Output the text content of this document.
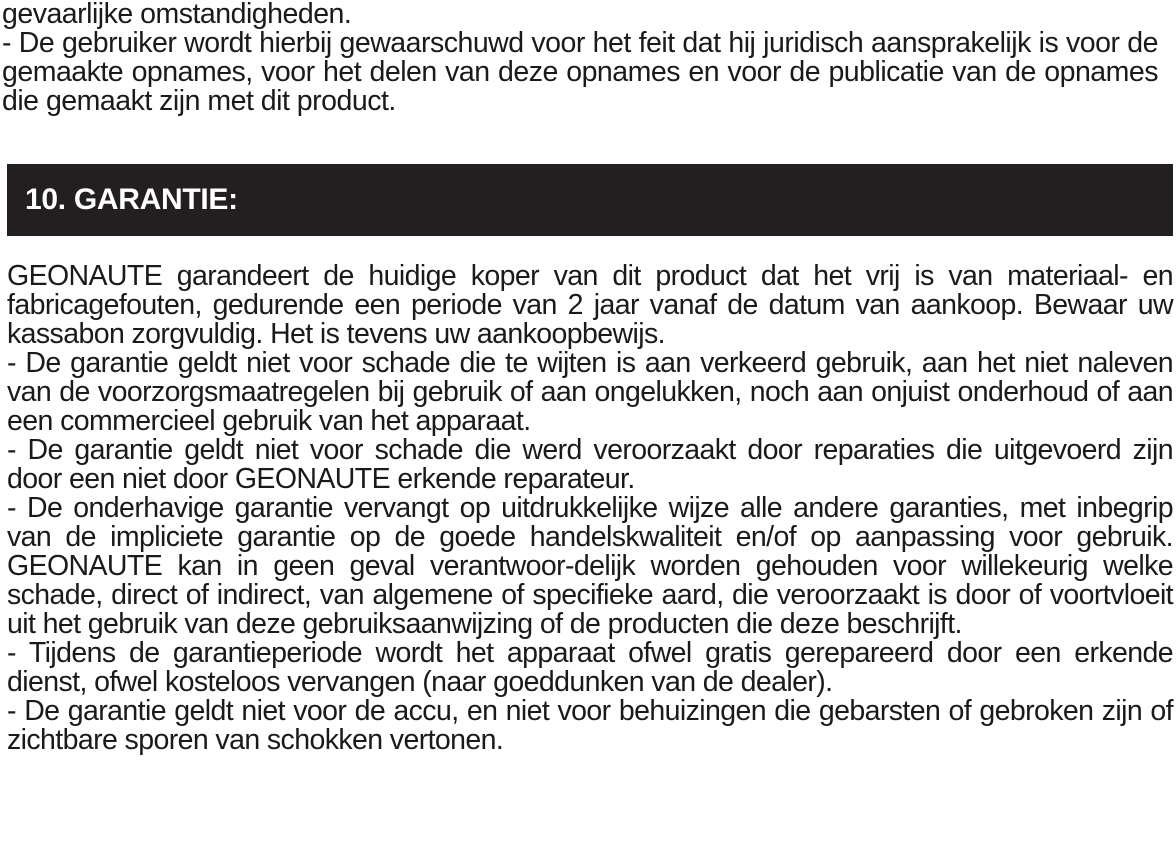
gevaarlijke omstandigheden.

- De gebruiker wordt hierbij gewaarschuwd voor het feit dat hij juridisch aansprakelijk is voor de gemaakte opnames, voor het delen van deze opnames en voor de publicatie van de opnames die gemaakt zijn met dit product.

10. GARANTIE:

GEONAUTE garandeert de huidige koper van dit product dat het vrij is van materiaal- en fabricagefouten, gedurende een periode van 2 jaar vanaf de datum van aankoop. Bewaar uw kassabon zorgvuldig. Het is tevens uw aankoopbewijs.

- De garantie geldt niet voor schade die te wijten is aan verkeerd gebruik, aan het niet naleven van de voorzorgsmaatregelen bij gebruik of aan ongelukken, noch aan onjuist onderhoud of aan een commercieel gebruik van het apparaat.

- De garantie geldt niet voor schade die werd veroorzaakt door reparaties die uitgevoerd zijn door een niet door GEONAUTE erkende reparateur.

- De onderhavige garantie vervangt op uitdrukkelijke wijze alle andere garanties, met inbegrip van de impliciete garantie op de goede handelskwaliteit en/of op aanpassing voor gebruik. GEONAUTE kan in geen geval verantwoor-delijk worden gehouden voor willekeurig welke schade, direct of indirect, van algemene of specifieke aard, die veroorzaakt is door of voortvloeit uit het gebruik van deze gebruiksaanwijzing of de producten die deze beschrijft.

- Tijdens de garantieperiode wordt het apparaat ofwel gratis gerepareerd door een erkende dienst, ofwel kosteloos vervangen (naar goeddunken van de dealer).

- De garantie geldt niet voor de accu, en niet voor behuizingen die gebarsten of gebroken zijn of zichtbare sporen van schokken vertonen.
